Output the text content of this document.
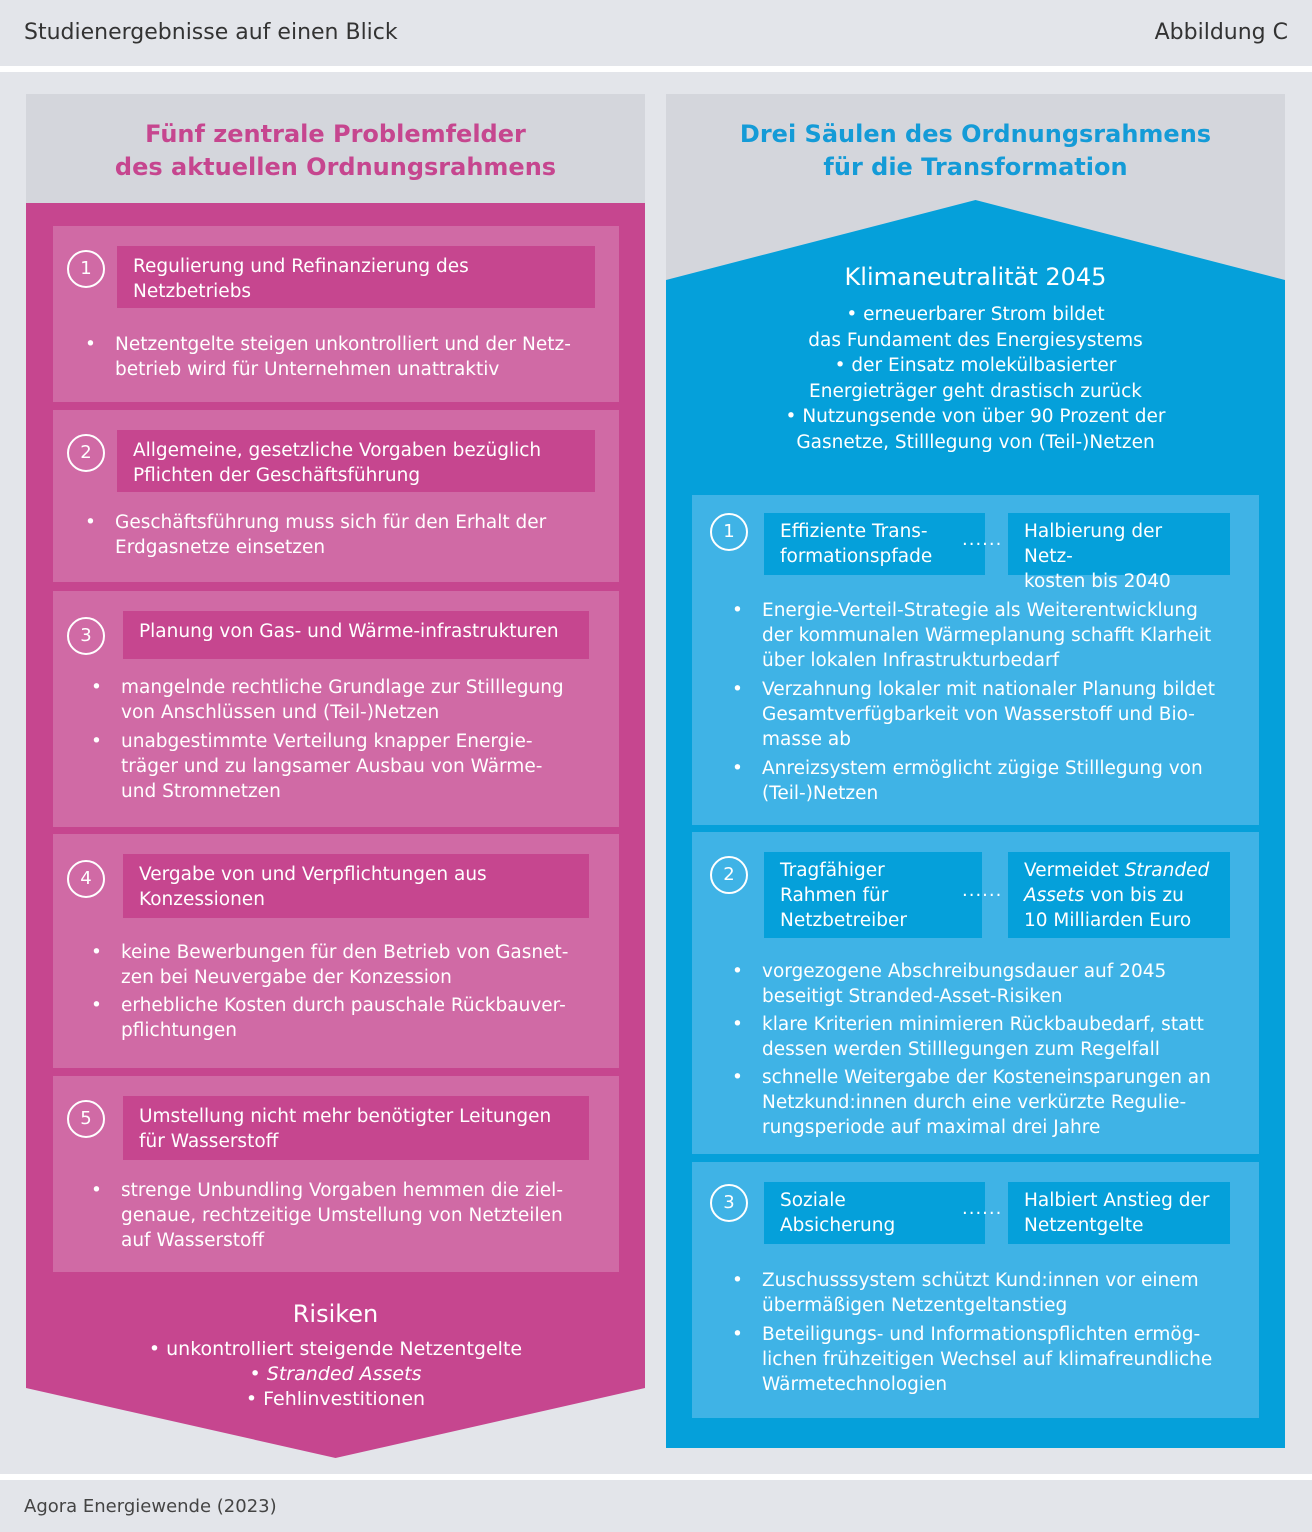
Studienergebnisse auf einen Blick	Abbildung C
Fünf zentrale Problemfelder
des aktuellen Ordnungsrahmens
1	Regulierung und Refinanzierung des
Netzbetriebs
• Netzentgelte steigen unkontrolliert und der Netz-
betrieb wird für Unternehmen unattraktiv
2	Allgemeine, gesetzliche Vorgaben bezüglich
Pflichten der Geschäftsführung
• Geschäftsführung muss sich für den Erhalt der
Erdgasnetze einsetzen
3	Planung von Gas- und Wärme-infrastrukturen
• mangelnde rechtliche Grundlage zur Stilllegung
von Anschlüssen und (Teil-)Netzen
• unabgestimmte Verteilung knapper Energie-
träger und zu langsamer Ausbau von Wärme-
und Stromnetzen
4	Vergabe von und Verpflichtungen aus
Konzessionen
• keine Bewerbungen für den Betrieb von Gasnet-
zen bei Neuvergabe der Konzession
• erhebliche Kosten durch pauschale Rückbauver-
pflichtungen
5	Umstellung nicht mehr benötigter Leitungen
für Wasserstoff
• strenge Unbundling Vorgaben hemmen die ziel-
genaue, rechtzeitige Umstellung von Netzteilen
auf Wasserstoff
Risiken
• unkontrolliert steigende Netzentgelte
• Stranded Assets
• Fehlinvestitionen
Drei Säulen des Ordnungsrahmens
für die Transformation
Klimaneutralität 2045
• erneuerbarer Strom bildet
das Fundament des Energiesystems
• der Einsatz molekülbasierter
Energieträger geht drastisch zurück
• Nutzungsende von über 90 Prozent der
Gasnetze, Stilllegung von (Teil-)Netzen
1	Effiziente Trans-
formationspfade
...... Halbierung der Netz-
kosten bis 2040
• Energie-Verteil-Strategie als Weiterentwicklung
der kommunalen Wärmeplanung schafft Klarheit
über lokalen Infrastrukturbedarf
• Verzahnung lokaler mit nationaler Planung bildet
Gesamtverfügbarkeit von Wasserstoff und Bio-
masse ab
• Anreizsystem ermöglicht zügige Stilllegung von
(Teil-)Netzen
2	Tragfähiger
Rahmen für
Netzbetreiber
......
Vermeidet Stranded
Assets von bis zu
10 Milliarden Euro
• vorgezogene Abschreibungsdauer auf 2045
beseitigt Stranded-Asset-Risiken
• klare Kriterien minimieren Rückbaubedarf, statt
dessen werden Stilllegungen zum Regelfall
• schnelle Weitergabe der Kosteneinsparungen an
Netzkund:innen durch eine verkürzte Regulie-
rungsperiode auf maximal drei Jahre
3	Soziale
Absicherung
...... Halbiert Anstieg der
Netzentgelte
• Zuschusssystem schützt Kund:innen vor einem
übermäßigen Netzentgeltanstieg
• Beteiligungs- und Informationspflichten ermög-
lichen frühzeitigen Wechsel auf klimafreundliche
Wärmetechnologien
Agora Energiewende (2023)
